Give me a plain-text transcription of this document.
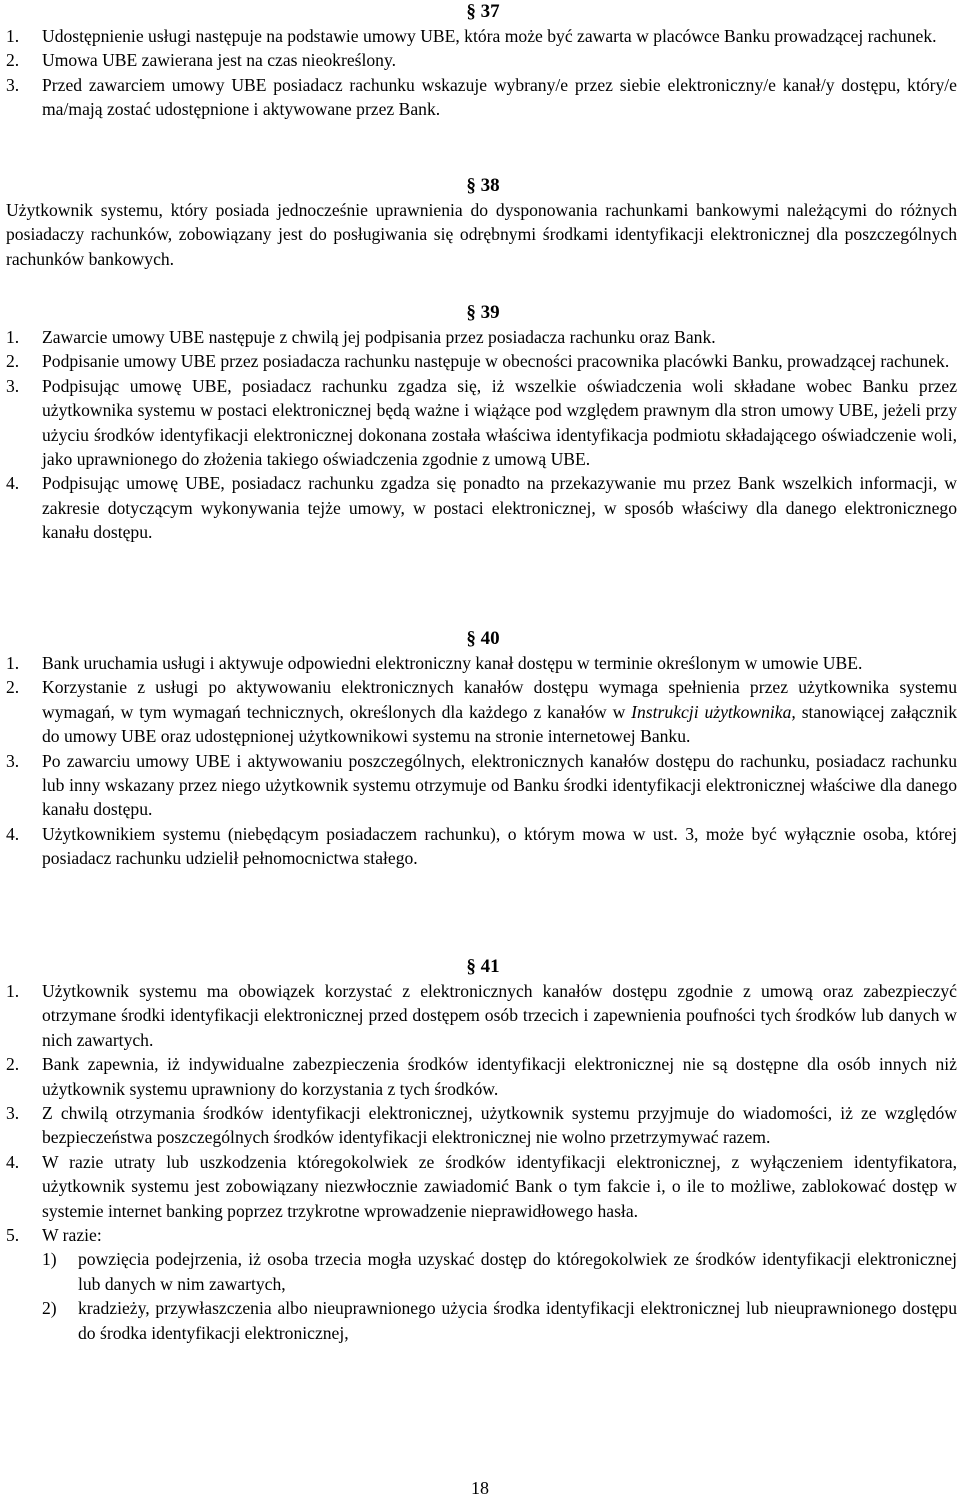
§ 37
1. Udostępnienie usługi następuje na podstawie umowy UBE, która może być zawarta w placówce Banku prowadzącej rachunek.
2. Umowa UBE zawierana jest na czas nieokreślony.
3. Przed zawarciem umowy UBE posiadacz rachunku wskazuje wybrany/e przez siebie elektroniczny/e kanał/y dostępu, który/e ma/mają zostać udostępnione i aktywowane przez Bank.
§ 38
Użytkownik systemu, który posiada jednocześnie uprawnienia do dysponowania rachunkami bankowymi należącymi do różnych posiadaczy rachunków, zobowiązany jest do posługiwania się odrębnymi środkami identyfikacji elektronicznej dla poszczególnych rachunków bankowych.
§ 39
1. Zawarcie umowy UBE następuje z chwilą jej podpisania przez posiadacza rachunku oraz Bank.
2. Podpisanie umowy UBE przez posiadacza rachunku następuje w obecności pracownika placówki Banku, prowadzącej rachunek.
3. Podpisując umowę UBE, posiadacz rachunku zgadza się, iż wszelkie oświadczenia woli składane wobec Banku przez użytkownika systemu w postaci elektronicznej będą ważne i wiążące pod względem prawnym dla stron umowy UBE, jeżeli przy użyciu środków identyfikacji elektronicznej dokonana została właściwa identyfikacja podmiotu składającego oświadczenie woli, jako uprawnionego do złożenia takiego oświadczenia zgodnie z umową UBE.
4. Podpisując umowę UBE, posiadacz rachunku zgadza się ponadto na przekazywanie mu przez Bank wszelkich informacji, w zakresie dotyczącym wykonywania tejże umowy, w postaci elektronicznej, w sposób właściwy dla danego elektronicznego kanału dostępu.
§ 40
1. Bank uruchamia usługi i aktywuje odpowiedni elektroniczny kanał dostępu w terminie określonym w umowie UBE.
2. Korzystanie z usługi po aktywowaniu elektronicznych kanałów dostępu wymaga spełnienia przez użytkownika systemu wymagań, w tym wymagań technicznych, określonych dla każdego z kanałów w Instrukcji użytkownika, stanowiącej załącznik do umowy UBE oraz udostępnionej użytkownikowi systemu na stronie internetowej Banku.
3. Po zawarciu umowy UBE i aktywowaniu poszczególnych, elektronicznych kanałów dostępu do rachunku, posiadacz rachunku lub inny wskazany przez niego użytkownik systemu otrzymuje od Banku środki identyfikacji elektronicznej właściwe dla danego kanału dostępu.
4. Użytkownikiem systemu (niebędącym posiadaczem rachunku), o którym mowa w ust. 3, może być wyłącznie osoba, której posiadacz rachunku udzielił pełnomocnictwa stałego.
§ 41
1. Użytkownik systemu ma obowiązek korzystać z elektronicznych kanałów dostępu zgodnie z umową oraz zabezpieczyć otrzymane środki identyfikacji elektronicznej przed dostępem osób trzecich i zapewnienia poufności tych środków lub danych w nich zawartych.
2. Bank zapewnia, iż indywidualne zabezpieczenia środków identyfikacji elektronicznej nie są dostępne dla osób innych niż użytkownik systemu uprawniony do korzystania z tych środków.
3. Z chwilą otrzymania środków identyfikacji elektronicznej, użytkownik systemu przyjmuje do wiadomości, iż ze względów bezpieczeństwa poszczególnych środków identyfikacji elektronicznej nie wolno przetrzymywać razem.
4. W razie utraty lub uszkodzenia któregokolwiek ze środków identyfikacji elektronicznej, z wyłączeniem identyfikatora, użytkownik systemu jest zobowiązany niezwłocznie zawiadomić Bank o tym fakcie i, o ile to możliwe, zablokować dostęp w systemie internet banking poprzez trzykrotne wprowadzenie nieprawidłowego hasła.
5. W razie:
1) powzięcia podejrzenia, iż osoba trzecia mogła uzyskać dostęp do któregokolwiek ze środków identyfikacji elektronicznej lub danych w nim zawartych,
2) kradzieży, przywłaszczenia albo nieuprawnionego użycia środka identyfikacji elektronicznej lub nieuprawnionego dostępu do środka identyfikacji elektronicznej,
18
